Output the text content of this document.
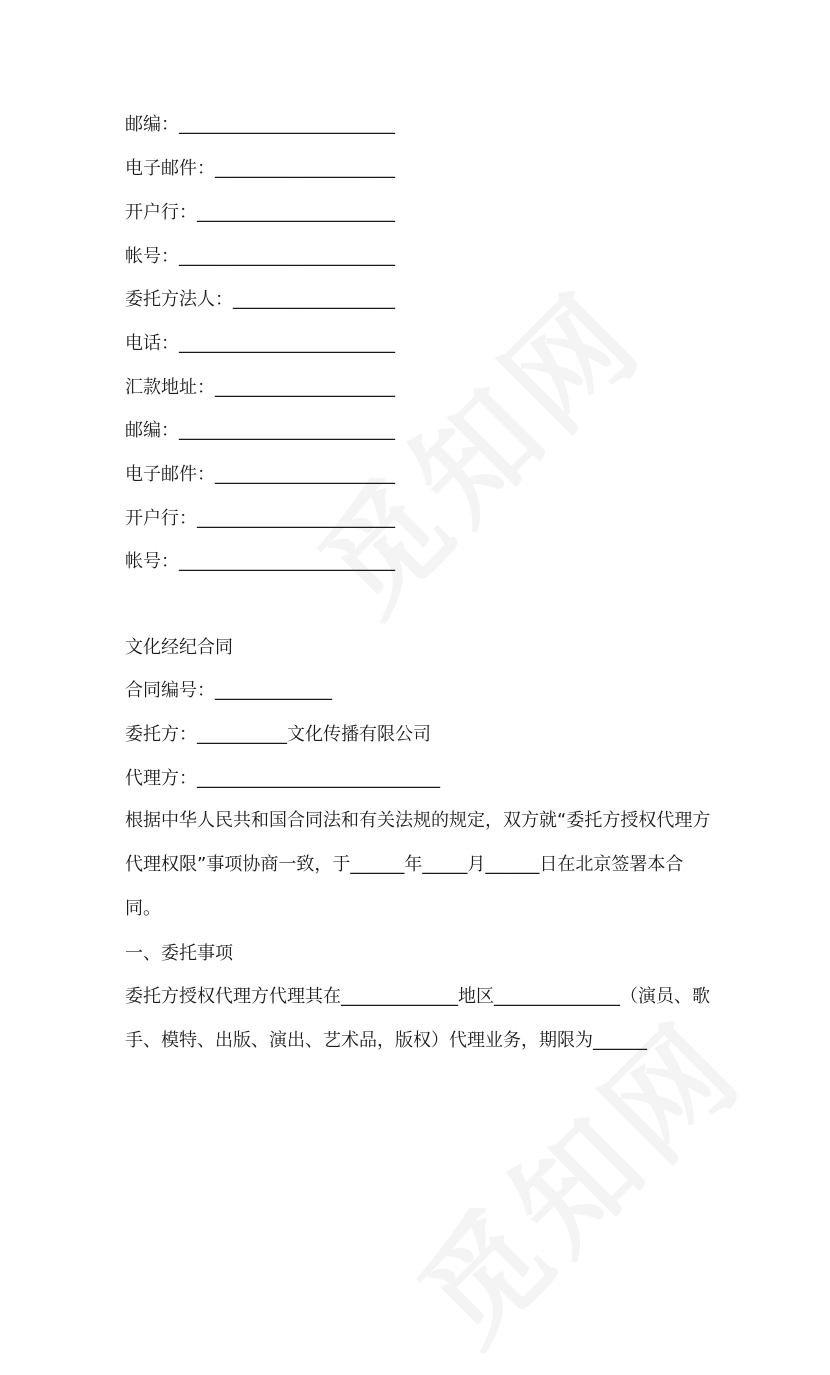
邮编：________________________
电子邮件：____________________
开户行：______________________
帐号：________________________
委托方法人：__________________
电话：________________________
汇款地址：____________________
邮编：________________________
电子邮件：____________________
开户行：______________________
帐号：________________________
文化经纪合同
合同编号：_____________
委托方：__________文化传播有限公司
代理方：___________________________
根据中华人民共和国合同法和有关法规的规定，双方就“委托方授权代理方代理权限”事项协商一致，于______年_____月______日在北京签署本合同。
一、委托事项
委托方授权代理方代理其在_____________地区______________（演员、歌手、模特、出版、演出、艺术品，版权）代理业务，期限为______
